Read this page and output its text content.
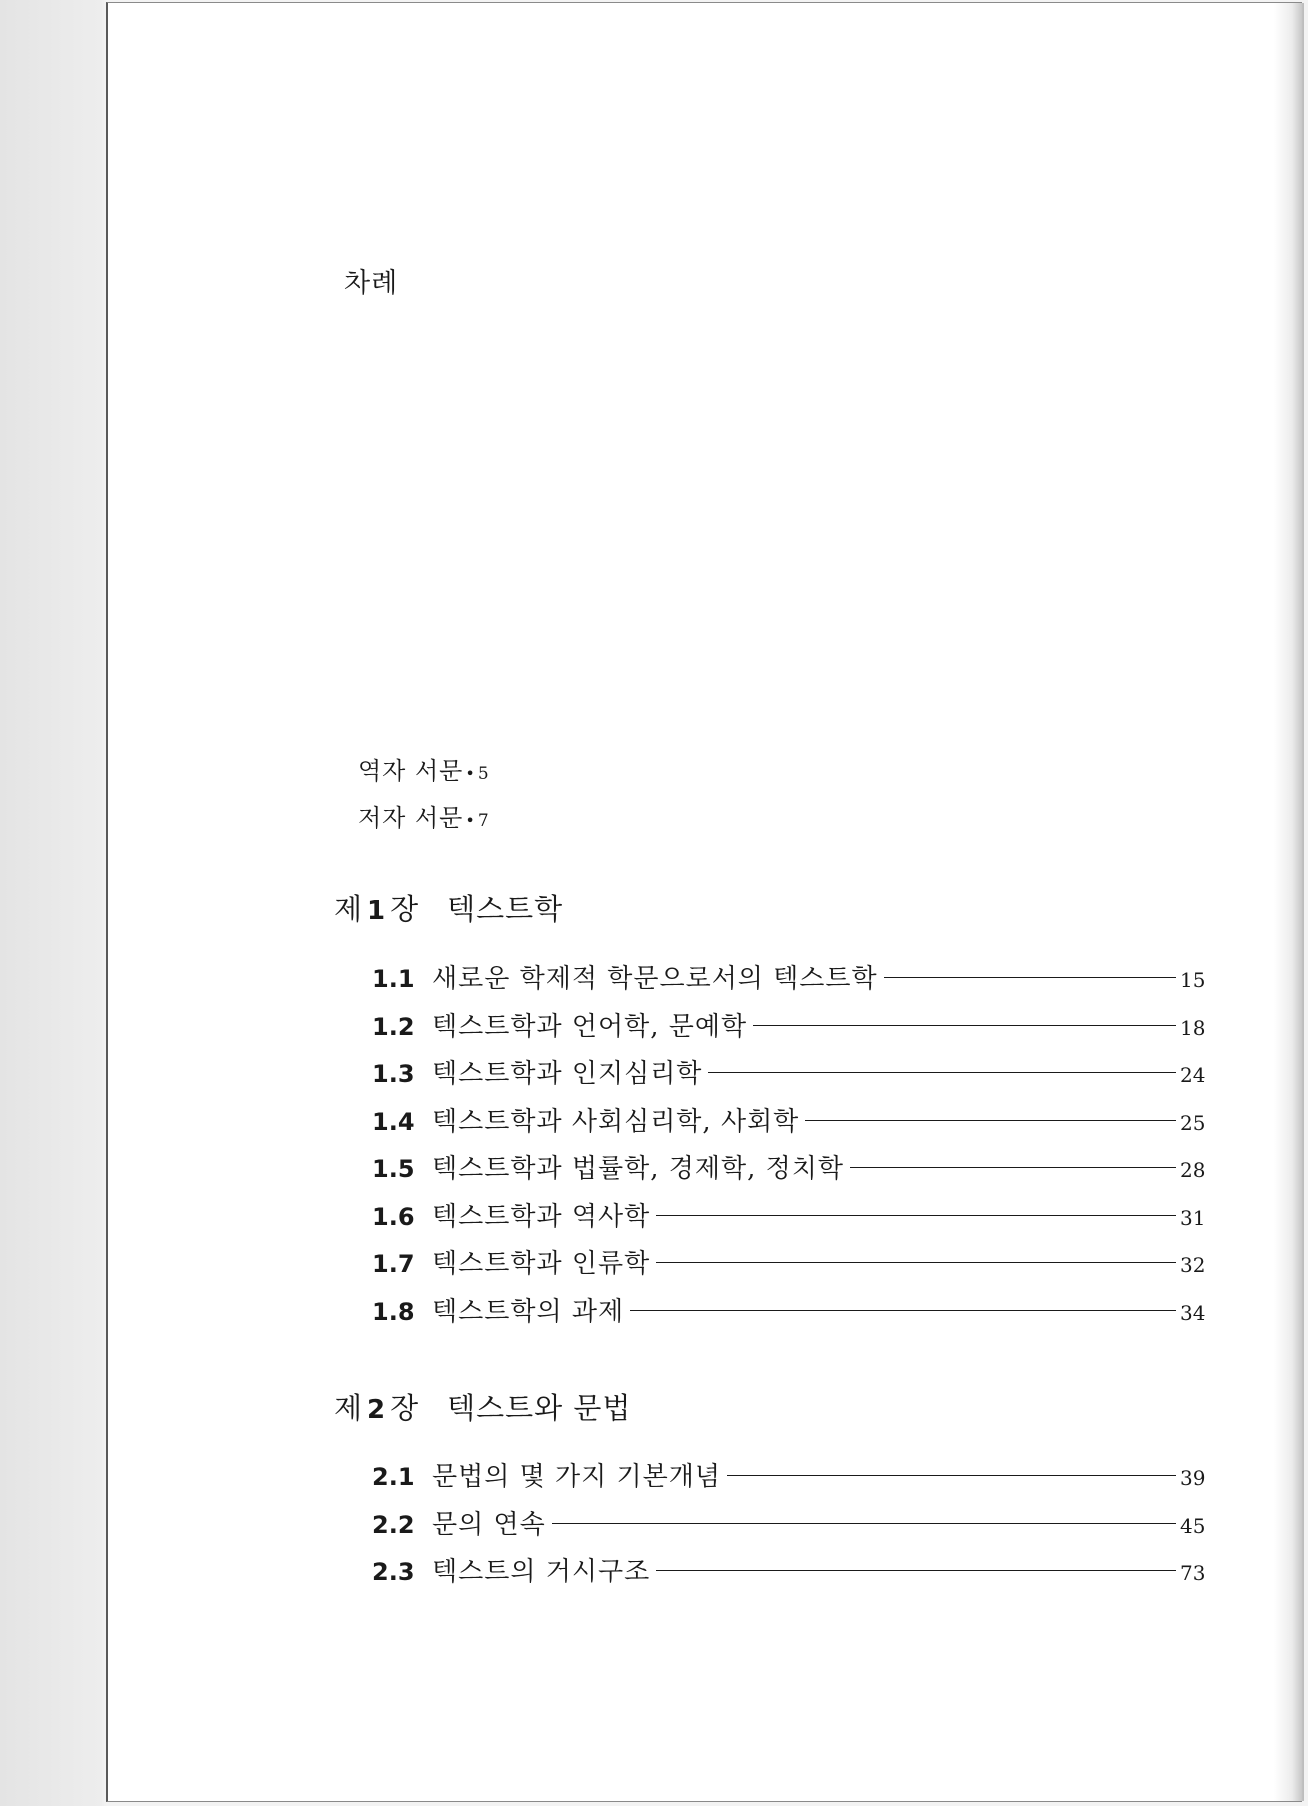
차례
역자 서문 • 5
저자 서문 • 7
제 1 장 텍스트학
1.1 새로운 학제적 학문으로서의 텍스트학	15
1.2 텍스트학과 언어학, 문예학	18
1.3 텍스트학과 인지심리학	24
1.4 텍스트학과 사회심리학, 사회학	25
1.5 텍스트학과 법률학, 경제학, 정치학	28
1.6 텍스트학과 역사학	31
1.7 텍스트학과 인류학	32
1.8 텍스트학의 과제	34
제 2 장 텍스트와 문법
2.1 문법의 몇 가지 기본개념	39
2.2 문의 연속	45
2.3 텍스트의 거시구조	73
